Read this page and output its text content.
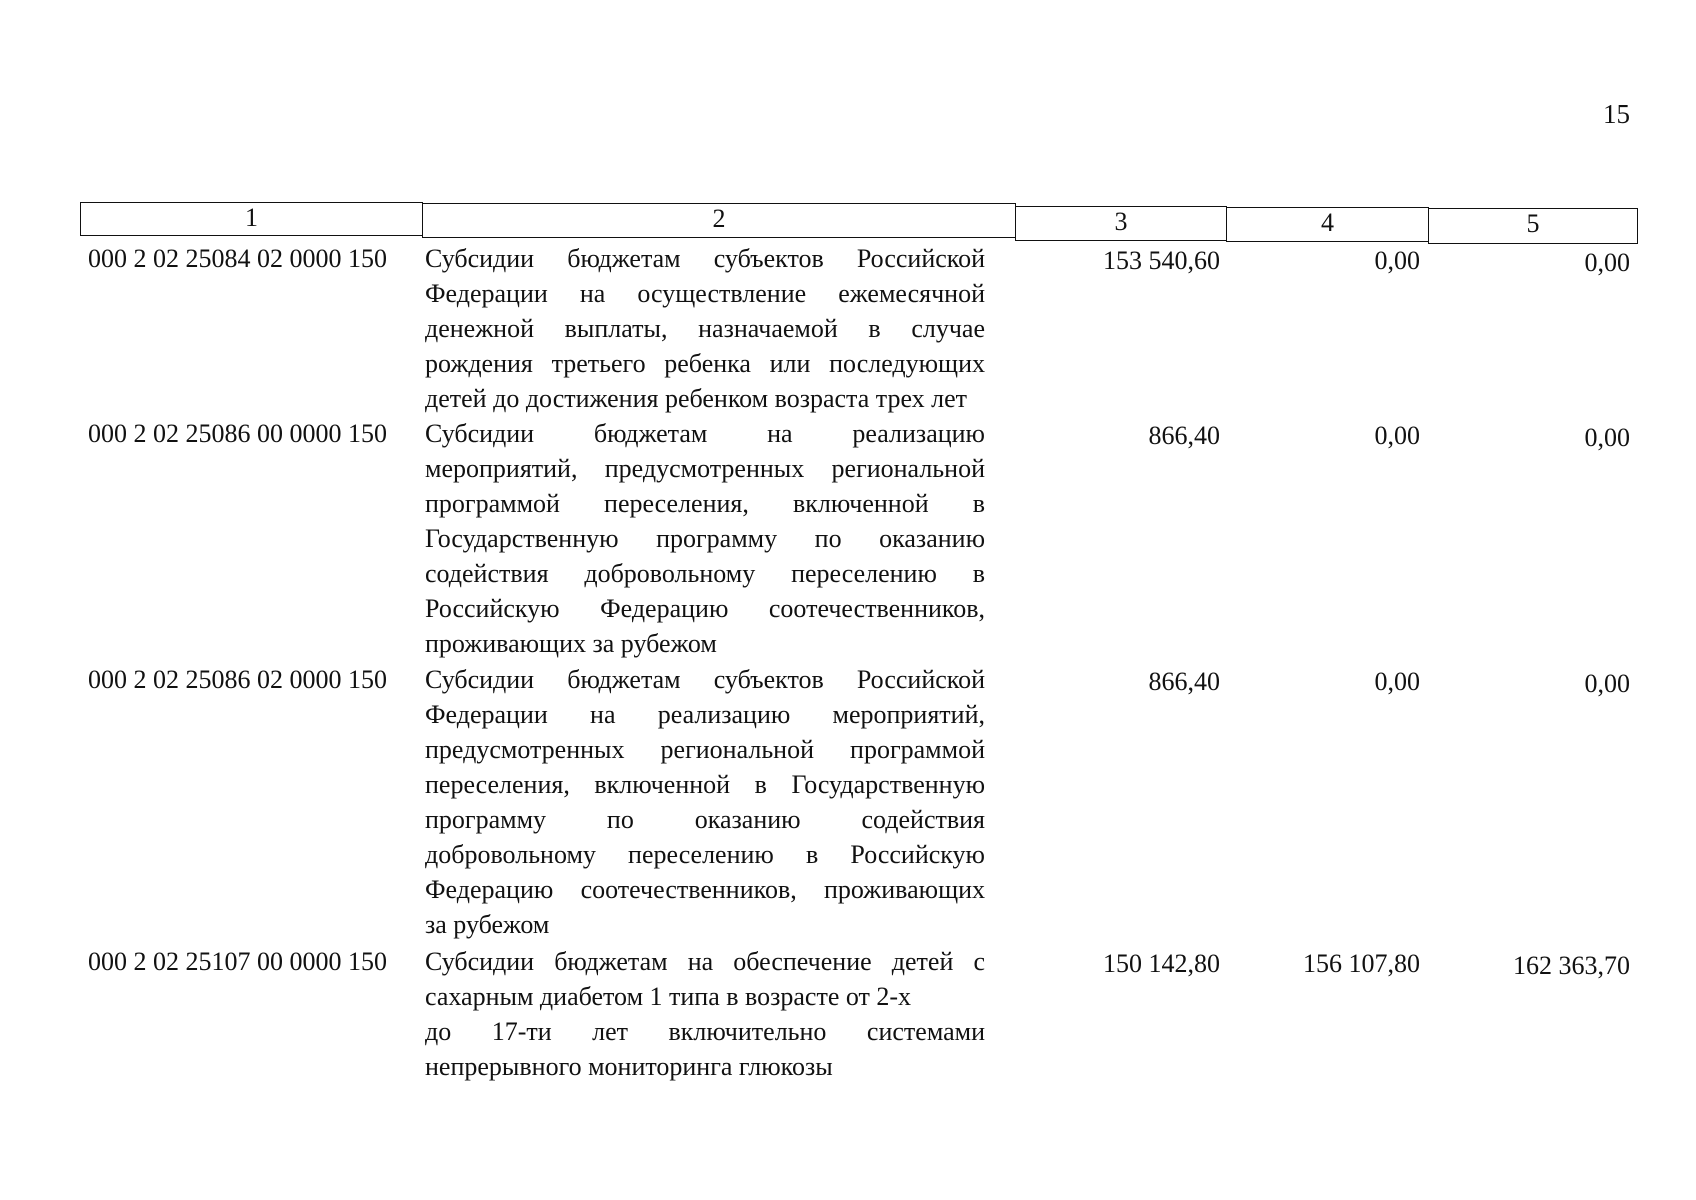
15
1	2	3	4	5
000 2 02 25084 02 0000 150	Субсидии бюджетам субъектов Российской
Федерации на осуществление ежемесячной
денежной выплаты, назначаемой в случае
рождения третьего ребенка или последующих
детей до достижения ребенком возраста трех лет
153 540,60	0,00	0,00
000 2 02 25086 00 0000 150	Субсидии бюджетам на реализацию
мероприятий, предусмотренных региональной
программой переселения, включенной в
Государственную программу по оказанию
содействия добровольному переселению в
Российскую Федерацию соотечественников,
проживающих за рубежом
866,40	0,00	0,00
000 2 02 25086 02 0000 150	Субсидии бюджетам субъектов Российской
Федерации на реализацию мероприятий,
предусмотренных региональной программой
переселения, включенной в Государственную
программу по оказанию содействия
добровольному переселению в Российскую
Федерацию соотечественников, проживающих
за рубежом
866,40	0,00	0,00
000 2 02 25107 00 0000 150	Субсидии бюджетам на обеспечение детей с
сахарным диабетом 1 типа в возрасте от 2-х
до 17-ти лет включительно системами
непрерывного мониторинга глюкозы
150 142,80	156 107,80	162 363,70
